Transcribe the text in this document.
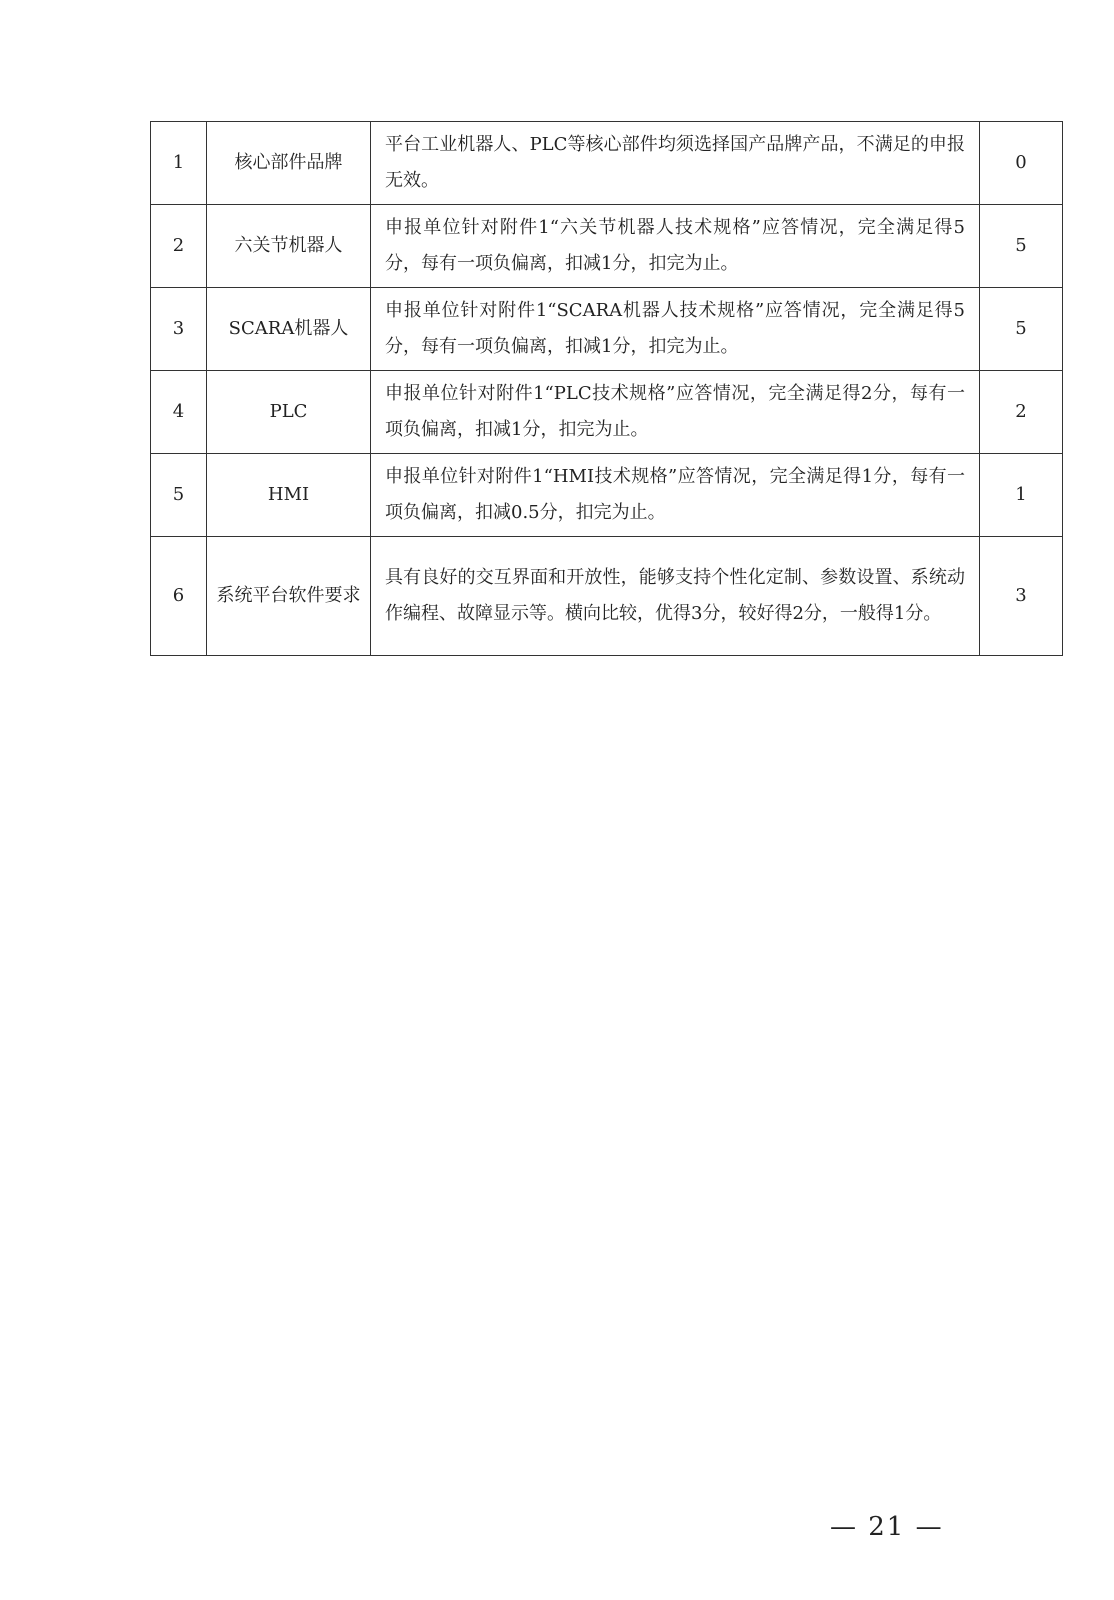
1	核心部件品牌	平台工业机器人、PLC等核心部件均须选择国产品牌产品，不满足的申报无效。	0
2	六关节机器人	申报单位针对附件1“六关节机器人技术规格”应答情况，完全满足得5分，每有一项负偏离，扣减1分，扣完为止。	5
3	SCARA机器人	申报单位针对附件1“SCARA机器人技术规格”应答情况，完全满足得5分，每有一项负偏离，扣减1分，扣完为止。	5
4	PLC	申报单位针对附件1“PLC技术规格”应答情况，完全满足得2分，每有一项负偏离，扣减1分，扣完为止。	2
5	HMI	申报单位针对附件1“HMI技术规格”应答情况，完全满足得1分，每有一项负偏离，扣减0.5分，扣完为止。	1
6	系统平台软件要求	具有良好的交互界面和开放性，能够支持个性化定制、参数设置、系统动作编程、故障显示等。横向比较，优得3分，较好得2分，一般得1分。	3
— 21 —
